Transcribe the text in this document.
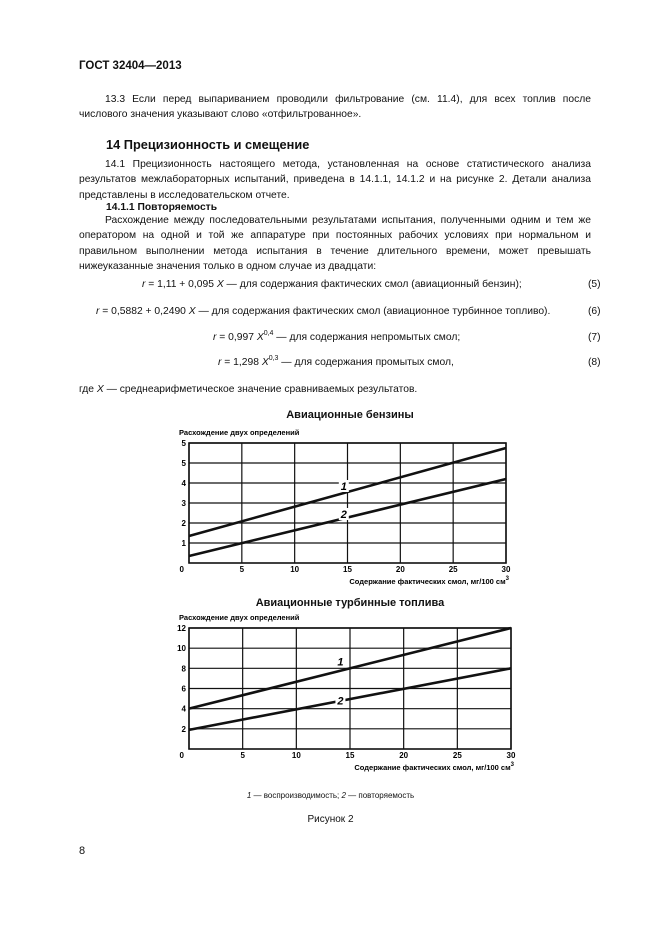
ГОСТ 32404—2013

13.3 Если перед выпариванием проводили фильтрование (см. 11.4), для всех топлив после числового значения указывают слово «отфильтрованное».

14 Прецизионность и смещение

14.1 Прецизионность настоящего метода, установленная на основе статистического анализа результатов межлабораторных испытаний, приведена в 14.1.1, 14.1.2 и на рисунке 2. Детали анализа представлены в исследовательском отчете.

14.1.1 Повторяемость

Расхождение между последовательными результатами испытания, полученными одним и тем же оператором на одной и той же аппаратуре при постоянных рабочих условиях при нормальном и правильном выполнении метода испытания в течение длительного времени, может превышать нижеуказанные значения только в одном случае из двадцати:

r = 1,11 + 0,095 X — для содержания фактических смол (авиационный бензин);	(5)
r = 0,5882 + 0,2490 X — для содержания фактических смол (авиационное турбинное топливо).	(6)
r = 0,997 X$^{0,4}$ — для содержания непромытых смол;	(7)
r = 1,298 X$^{0,3}$ — для содержания промытых смол,	(8)
где X — среднеарифметическое значение сравниваемых результатов.
Авиационные бензины
Авиационные турбинные топлива
0	5	10	15	20	25	30
1
2
3
4
5
5
Расхождение двух определений
Содержание фактических смол, мг/100 $см^3$
1
2
0	5	10	15	20	25	30
2
4
6
8
10
12
Расхождение двух определений
Содержание фактических смол, мг/100 $см^3$
1
2
1 — воспроизводимость; 2 — повторяемость
Рисунок 2
8
